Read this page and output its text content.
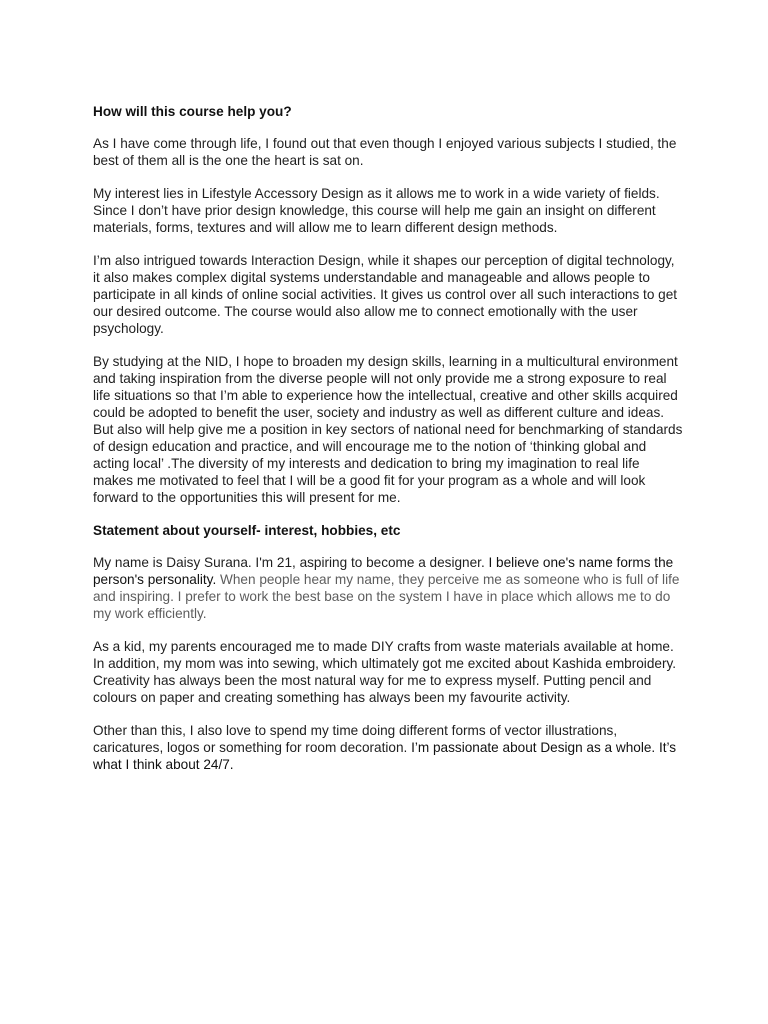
How will this course help you?
As I have come through life, I found out that even though I enjoyed various subjects I studied, the best of them all is the one the heart is sat on.
My interest lies in Lifestyle Accessory Design as it allows me to work in a wide variety of fields. Since I don’t have prior design knowledge, this course will help me gain an insight on different materials, forms, textures and will allow me to learn different design methods.
I’m also intrigued towards Interaction Design, while it shapes our perception of digital technology, it also makes complex digital systems understandable and manageable and allows people to participate in all kinds of online social activities. It gives us control over all such interactions to get our desired outcome. The course would also allow me to connect emotionally with the user psychology.
By studying at the NID, I hope to broaden my design skills, learning in a multicultural environment and taking inspiration from the diverse people will not only provide me a strong exposure to real life situations so that I’m able to experience how the intellectual, creative and other skills acquired could be adopted to benefit the user, society and industry as well as different culture and ideas. But also will help give me a position in key sectors of national need for benchmarking of standards of design education and practice, and will encourage me to the notion of ‘thinking global and acting local’ .The diversity of my interests and dedication to bring my imagination to real life makes me motivated to feel that I will be a good fit for your program as a whole and will look forward to the opportunities this will present for me.
Statement about yourself- interest, hobbies, etc
My name is Daisy Surana. I'm 21, aspiring to become a designer. I believe one's name forms the person's personality. When people hear my name, they perceive me as someone who is full of life and inspiring. I prefer to work the best base on the system I have in place which allows me to do my work efficiently.
As a kid, my parents encouraged me to made DIY crafts from waste materials available at home. In addition, my mom was into sewing, which ultimately got me excited about Kashida embroidery. Creativity has always been the most natural way for me to express myself. Putting pencil and colours on paper and creating something has always been my favourite activity.
Other than this, I also love to spend my time doing different forms of vector illustrations, caricatures, logos or something for room decoration. I’m passionate about Design as a whole. It’s what I think about 24/7.
